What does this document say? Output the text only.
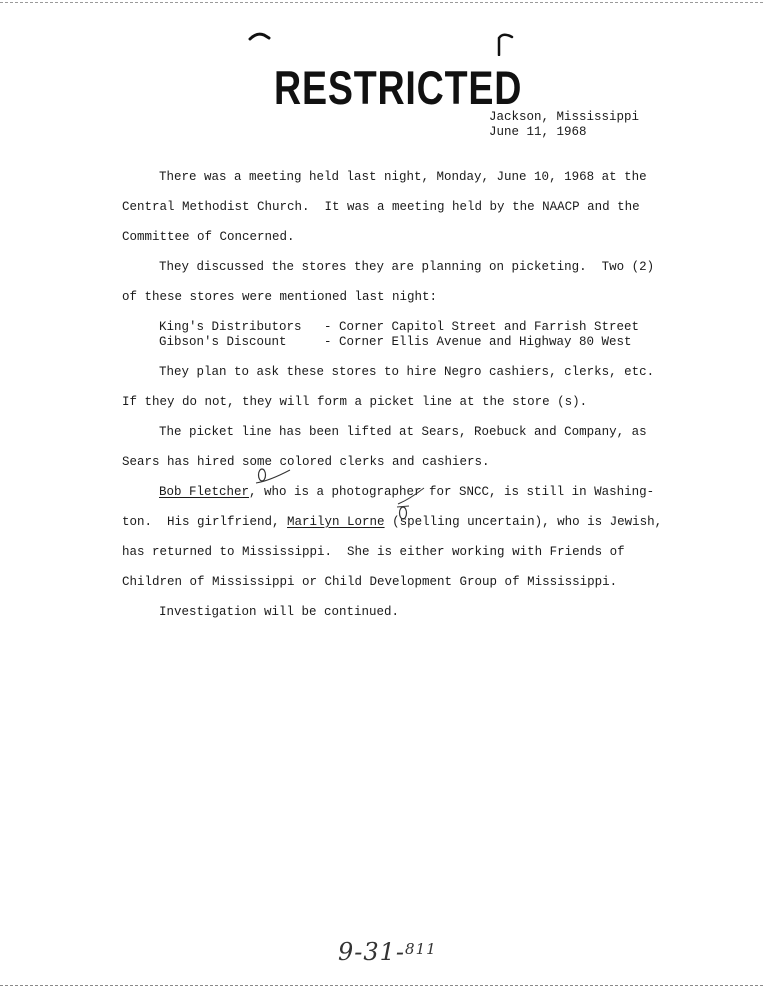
RESTRICTED
Jackson, Mississippi
June 11, 1968
There was a meeting held last night, Monday, June 10, 1968 at the
Central Methodist Church.  It was a meeting held by the NAACP and the
Committee of Concerned.
They discussed the stores they are planning on picketing.  Two (2)
of these stores were mentioned last night:
King's Distributors - Corner Capitol Street and Farrish Street
Gibson's Discount	- Corner Ellis Avenue and Highway 80 West
They plan to ask these stores to hire Negro cashiers, clerks, etc.
If they do not, they will form a picket line at the store (s).
The picket line has been lifted at Sears, Roebuck and Company, as
Sears has hired some colored clerks and cashiers.
Bob Fletcher, who is a photographer for SNCC, is still in Washing-
ton.  His girlfriend, Marilyn Lorne (spelling uncertain), who is Jewish,
has returned to Mississippi.  She is either working with Friends of
Children of Mississippi or Child Development Group of Mississippi.
Investigation will be continued.
9-31-$^{811}$
